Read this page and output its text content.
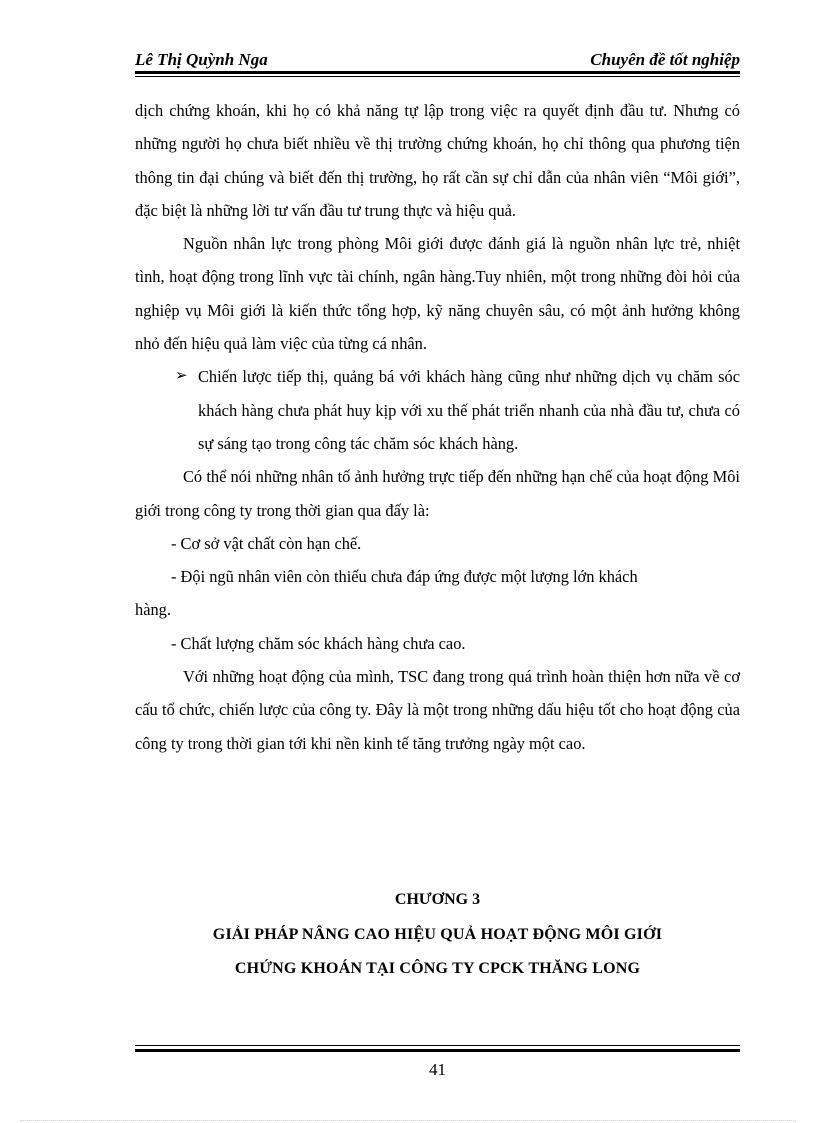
Lê Thị Quỳnh Nga	Chuyên đề tốt nghiệp

dịch chứng khoán, khi họ có khả năng tự lập trong việc ra quyết định đầu tư. Nhưng có những người họ chưa biết nhiều về thị trường chứng khoán, họ chỉ thông qua phương tiện thông tin đại chúng và biết đến thị trường, họ rất cần sự chỉ dẫn của nhân viên “Môi giới”, đặc biệt là những lời tư vấn đầu tư trung thực và hiệu quả.

Nguồn nhân lực trong phòng Môi giới được đánh giá là nguồn nhân lực trẻ, nhiệt tình, hoạt động trong lĩnh vực tài chính, ngân hàng.Tuy nhiên, một trong những đòi hỏi của nghiệp vụ Môi giới là kiến thức tổng hợp, kỹ năng chuyên sâu, có một ảnh hưởng không nhỏ đến hiệu quả làm việc của từng cá nhân.

➢ Chiến lược tiếp thị, quảng bá với khách hàng cũng như những dịch vụ chăm sóc khách hàng chưa phát huy kịp với xu thế phát triển nhanh của nhà đầu tư, chưa có sự sáng tạo trong công tác chăm sóc khách hàng.

Có thể nói những nhân tố ảnh hưởng trực tiếp đến những hạn chế của hoạt động Môi giới trong công ty trong thời gian qua đấy là:

- Cơ sở vật chất còn hạn chế.

- Đội ngũ nhân viên còn thiếu chưa đáp ứng được một lượng lớn khách

hàng.

- Chất lượng chăm sóc khách hàng chưa cao.

Với những hoạt động của mình, TSC đang trong quá trình hoàn thiện hơn nữa về cơ cấu tổ chức, chiến lược của công ty. Đây là một trong những dấu hiệu tốt cho hoạt động của công ty trong thời gian tới khi nền kinh tế tăng trưởng ngày một cao.

CHƯƠNG 3
GIẢI PHÁP NÂNG CAO HIỆU QUẢ HOẠT ĐỘNG MÔI GIỚI
CHỨNG KHOÁN TẠI CÔNG TY CPCK THĂNG LONG
41
